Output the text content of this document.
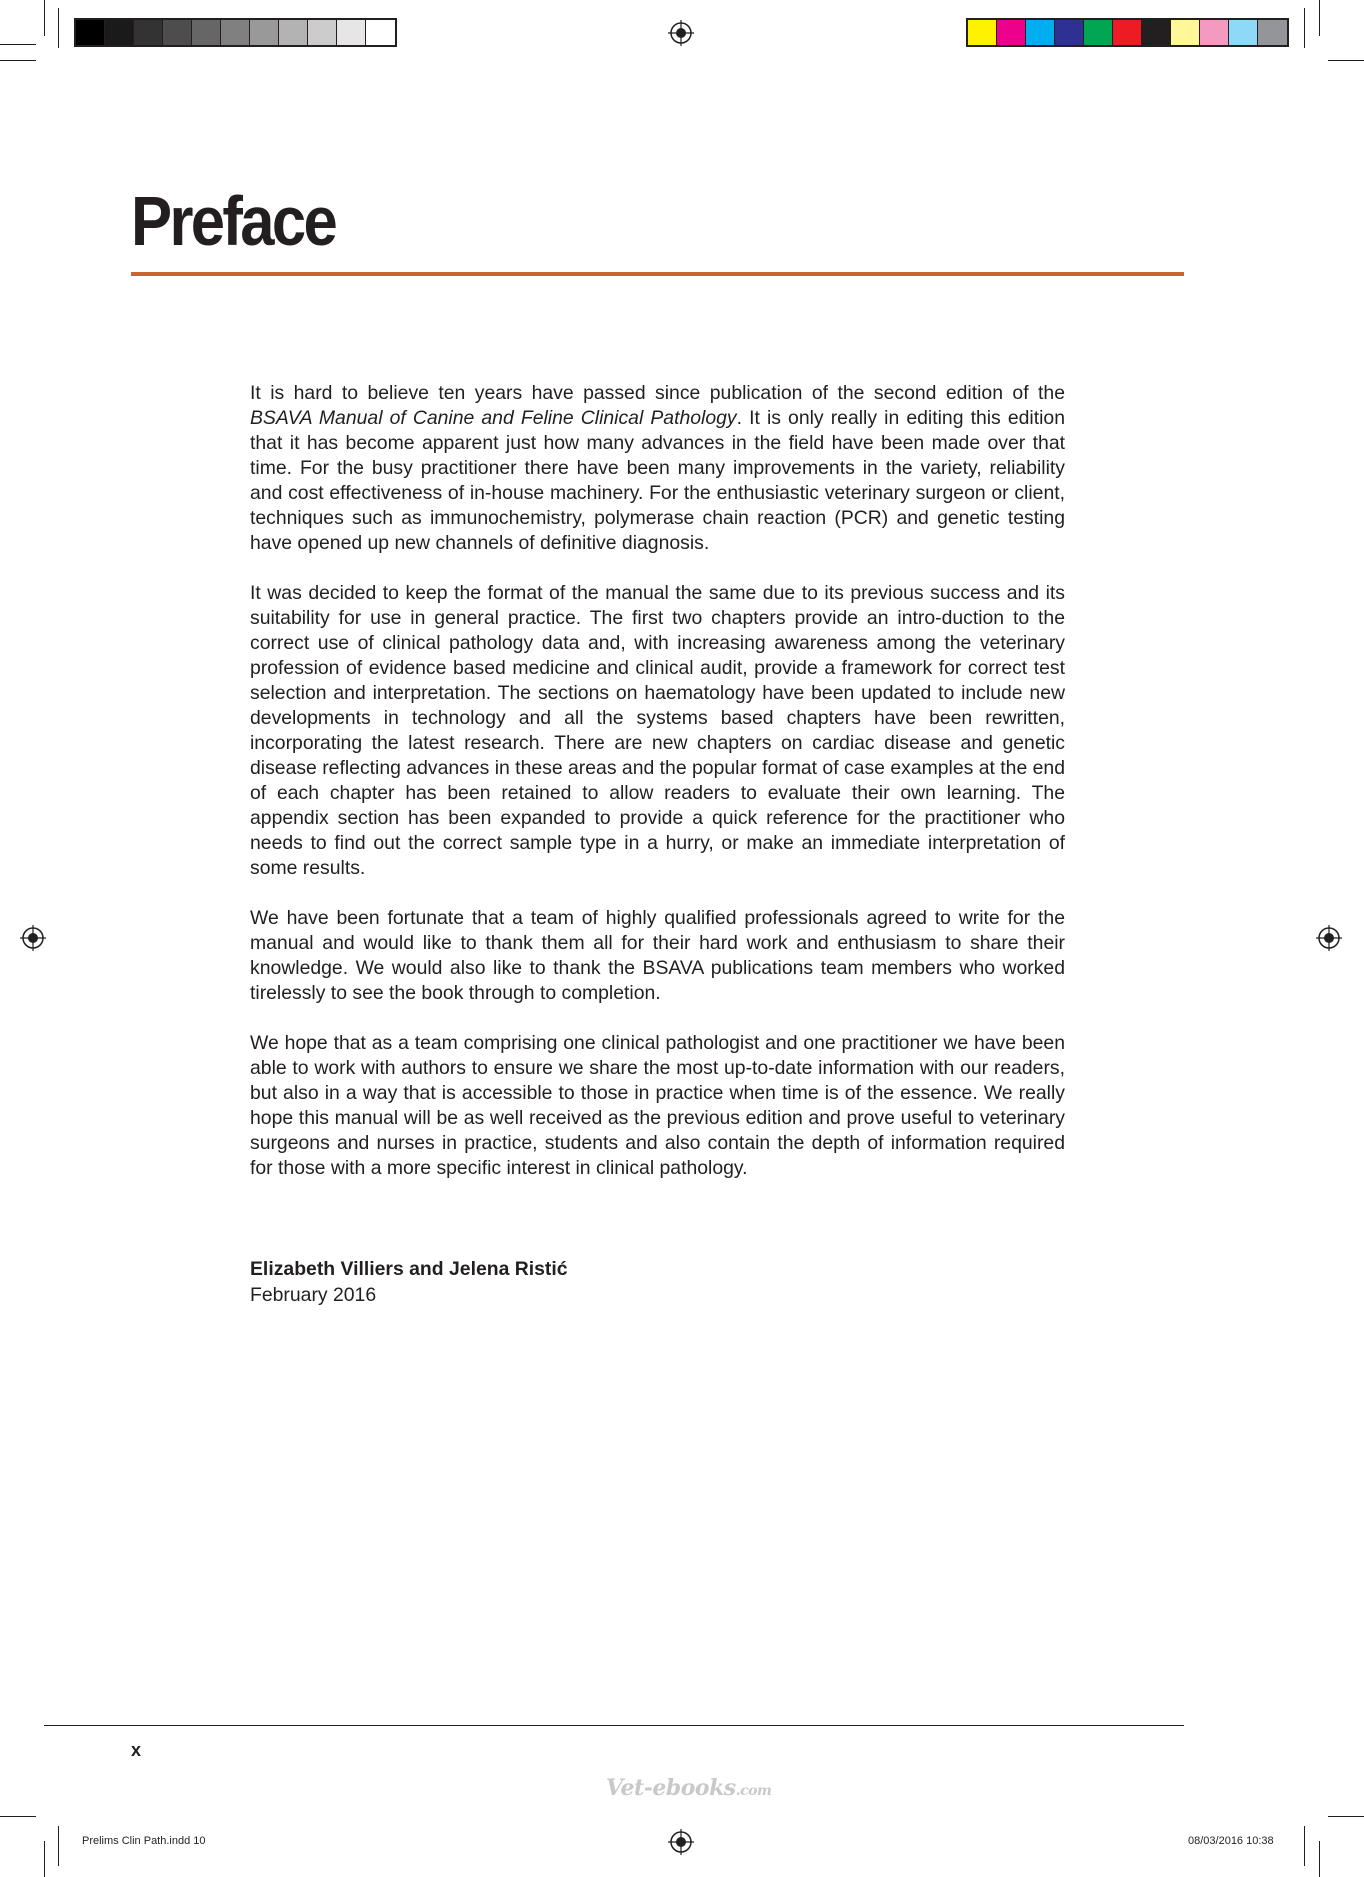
Preface

It is hard to believe ten years have passed since publication of the second edition of the BSAVA Manual of Canine and Feline Clinical Pathology. It is only really in editing this edition that it has become apparent just how many advances in the field have been made over that time. For the busy practitioner there have been many improvements in the variety, reliability and cost effectiveness of in-house machinery. For the enthusiastic veterinary surgeon or client, techniques such as immunochemistry, polymerase chain reaction (PCR) and genetic testing have opened up new channels of definitive diagnosis.

It was decided to keep the format of the manual the same due to its previous success and its suitability for use in general practice. The first two chapters provide an intro-duction to the correct use of clinical pathology data and, with increasing awareness among the veterinary profession of evidence based medicine and clinical audit, provide a framework for correct test selection and interpretation. The sections on haematology have been updated to include new developments in technology and all the systems based chapters have been rewritten, incorporating the latest research. There are new chapters on cardiac disease and genetic disease reflecting advances in these areas and the popular format of case examples at the end of each chapter has been retained to allow readers to evaluate their own learning. The appendix section has been expanded to provide a quick reference for the practitioner who needs to find out the correct sample type in a hurry, or make an immediate interpretation of some results.

We have been fortunate that a team of highly qualified professionals agreed to write for the manual and would like to thank them all for their hard work and enthusiasm to share their knowledge. We would also like to thank the BSAVA publications team members who worked tirelessly to see the book through to completion.

We hope that as a team comprising one clinical pathologist and one practitioner we have been able to work with authors to ensure we share the most up-to-date information with our readers, but also in a way that is accessible to those in practice when time is of the essence. We really hope this manual will be as well received as the previous edition and prove useful to veterinary surgeons and nurses in practice, students and also contain the depth of information required for those with a more specific interest in clinical pathology.

Elizabeth Villiers and Jelena Ristić
February 2016
x
Vet-ebooks.com
Prelims Clin Path.indd 10	08/03/2016 10:38
